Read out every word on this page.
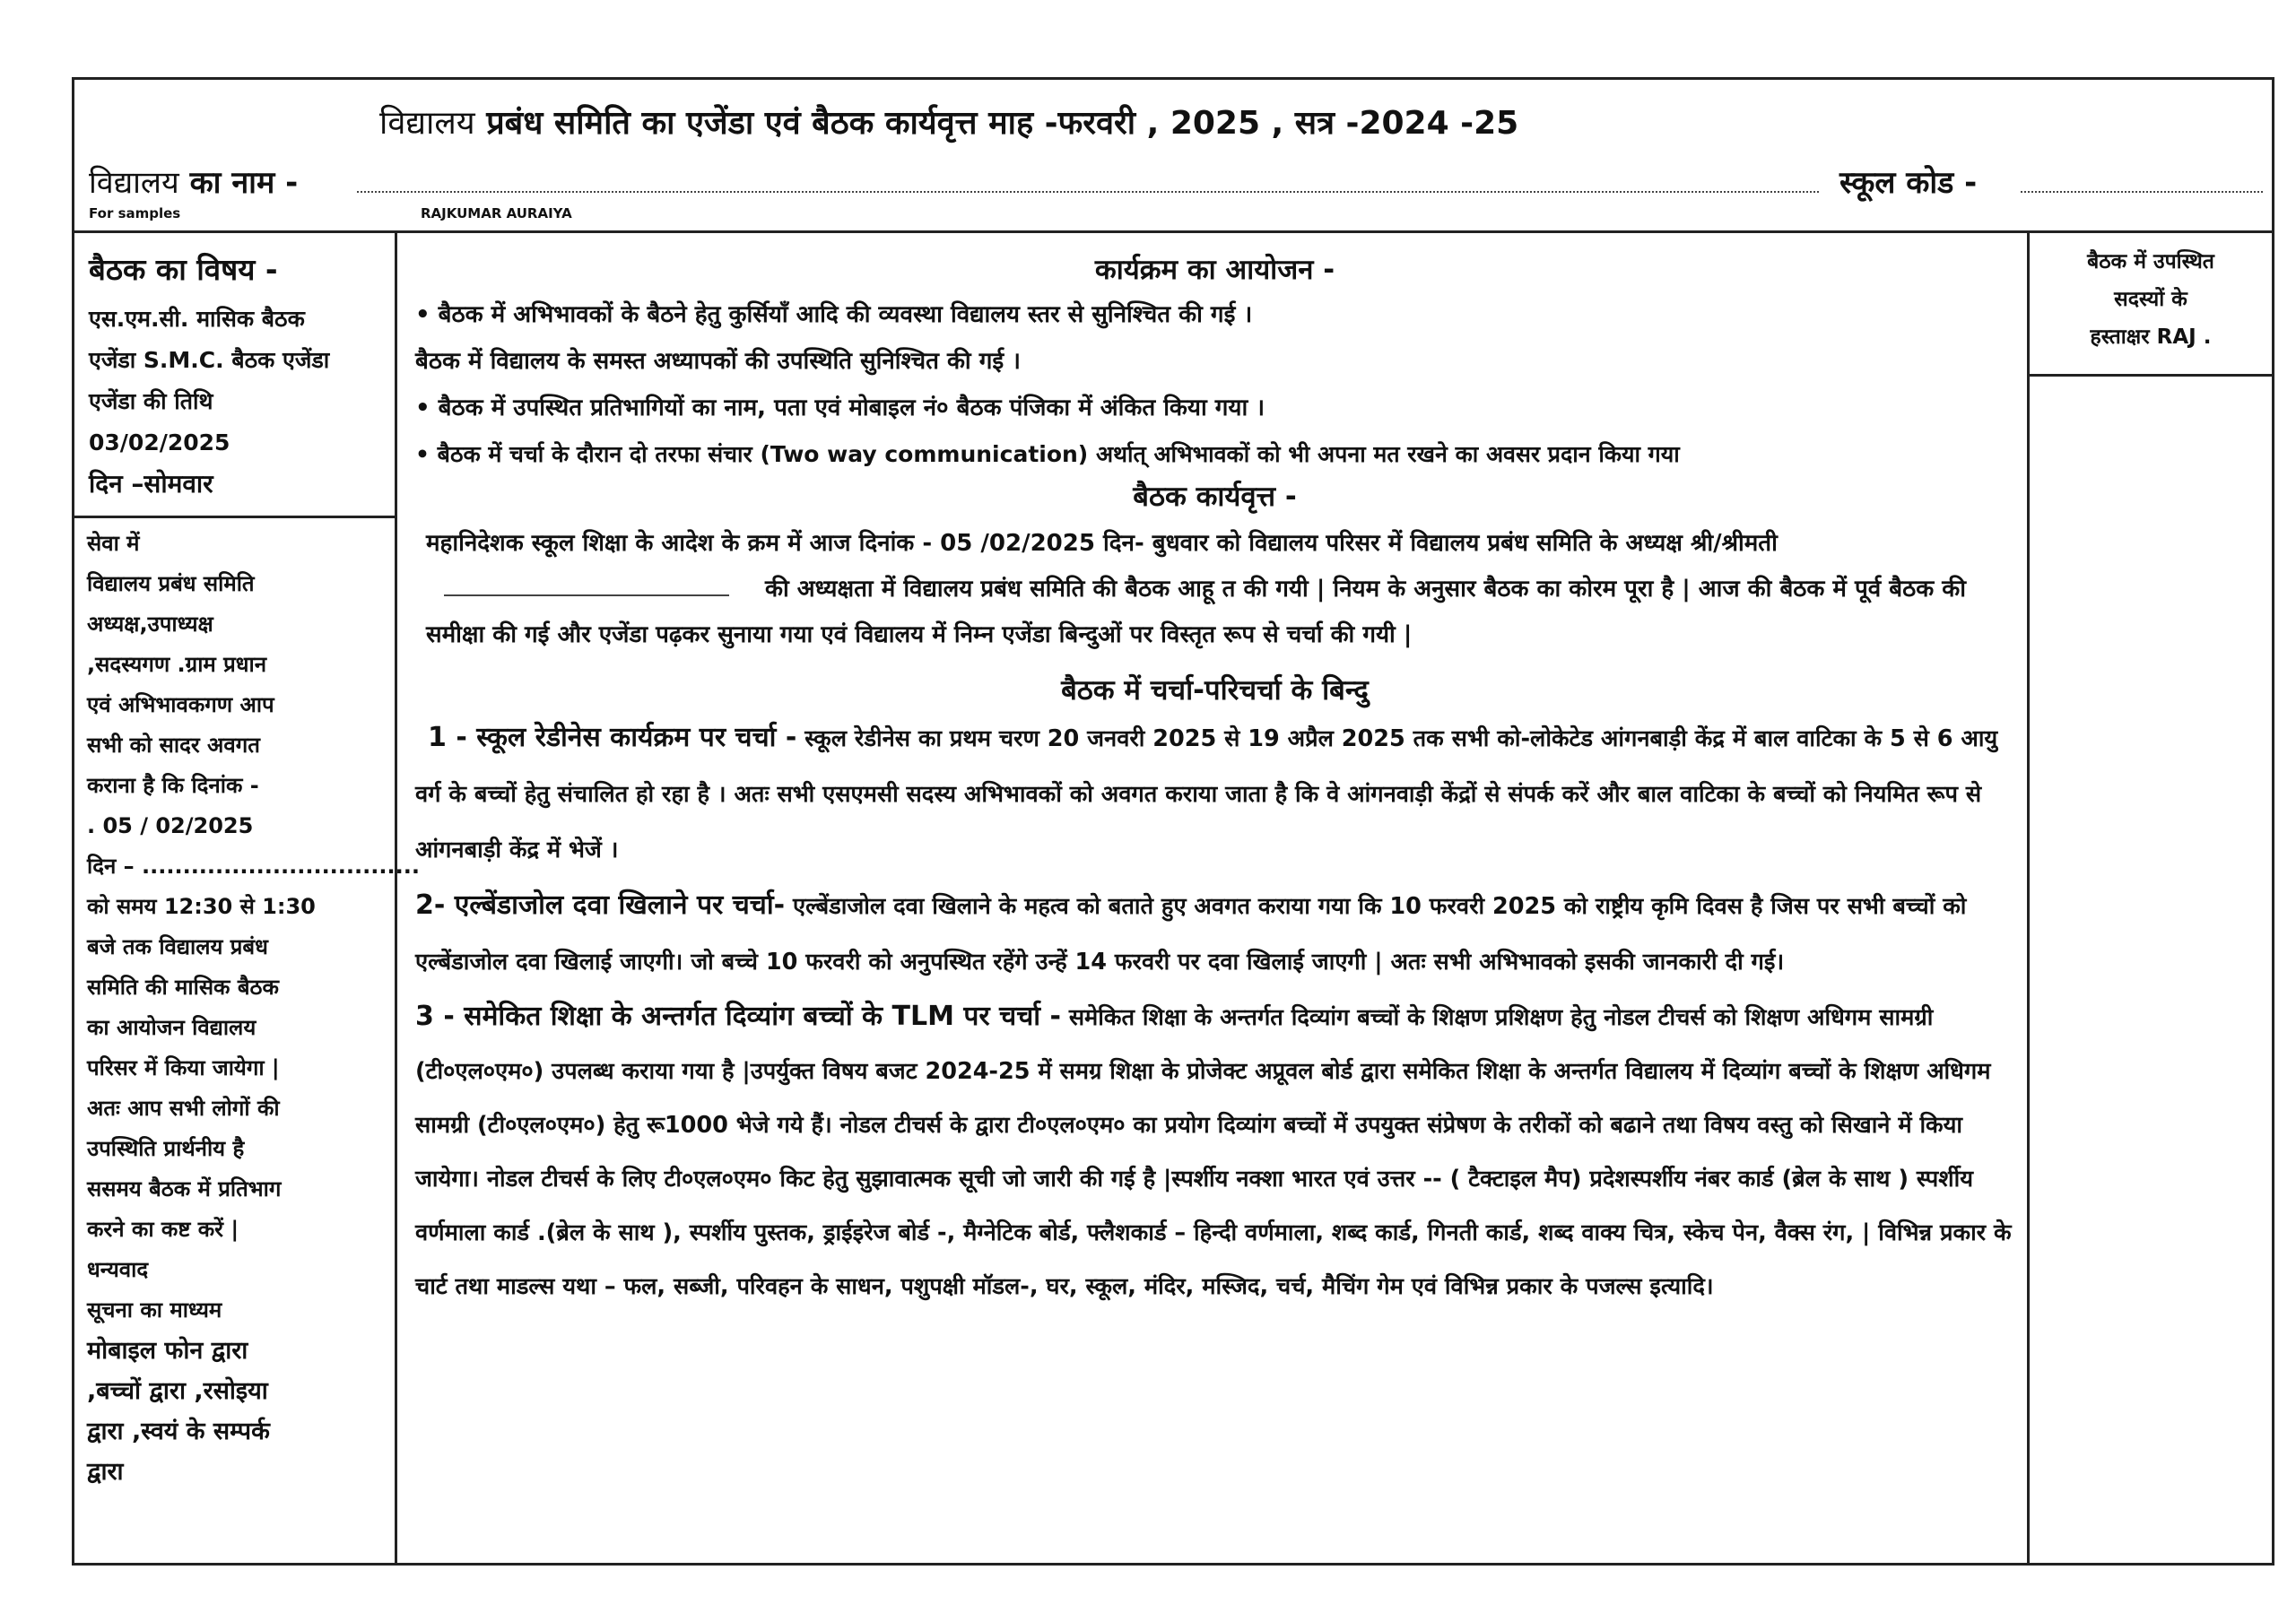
विद्यालय प्रबंध समिति का एजेंडा एवं बैठक कार्यवृत्त माह -फरवरी , 2025 , सत्र -2024 -25
विद्यालय का नाम -	स्कूल कोड -
For samples	RAJKUMAR AURAIYA
बैठक का विषय -
एस.एम.सी. मासिक बैठक
एजेंडा S.M.C. बैठक एजेंडा
एजेंडा की तिथि
03/02/2025
दिन –सोमवार
सेवा में
विद्यालय प्रबंध समिति
अध्यक्ष,उपाध्यक्ष
,सदस्यगण .ग्राम प्रधान
एवं अभिभावकगण आप
सभी को सादर अवगत
कराना है कि दिनांक -
. 05 / 02/2025
दिन – ..................................
को समय 12:30 से 1:30
बजे तक विद्यालय प्रबंध
समिति की मासिक बैठक
का आयोजन विद्यालय
परिसर में किया जायेगा |
अतः आप सभी लोगों की
उपस्थिति प्रार्थनीय है
ससमय बैठक में प्रतिभाग
करने का कष्ट करें |
धन्यवाद
सूचना का माध्यम
मोबाइल फोन द्वारा
,बच्चों द्वारा ,रसोइया
द्वारा ,स्वयं के सम्पर्क
द्वारा
कार्यक्रम का आयोजन -
• बैठक में अभिभावकों के बैठने हेतु कुर्सियाँ आदि की व्यवस्था विद्यालय स्तर से सुनिश्चित की गई ।
बैठक में विद्यालय के समस्त अध्यापकों की उपस्थिति सुनिश्चित की गई ।
• बैठक में उपस्थित प्रतिभागियों का नाम, पता एवं मोबाइल नं० बैठक पंजिका में अंकित किया गया ।
• बैठक में चर्चा के दौरान दो तरफा संचार (Two way communication) अर्थात् अभिभावकों को भी अपना मत रखने का अवसर प्रदान किया गया
बैठक कार्यवृत्त -
महानिदेशक स्कूल शिक्षा के आदेश के क्रम में आज दिनांक - 05 /02/2025 दिन- बुधवार को विद्यालय परिसर में विद्यालय प्रबंध समिति के अध्यक्ष श्री/श्रीमतीकी अध्यक्षता में विद्यालय प्रबंध समिति की बैठक आहू त की गयी | नियम के अनुसार बैठक का कोरम पूरा है | आज की बैठक में पूर्व बैठक की समीक्षा की गई और एजेंडा पढ़कर सुनाया गया एवं विद्यालय में निम्न एजेंडा बिन्दुओं पर विस्तृत रूप से चर्चा की गयी |
बैठक में चर्चा-परिचर्चा के बिन्दु
1 - स्कूल रेडीनेस कार्यक्रम पर चर्चा - स्कूल रेडीनेस का प्रथम चरण 20 जनवरी 2025 से 19 अप्रैल 2025 तक सभी को-लोकेटेड आंगनबाड़ी केंद्र में बाल वाटिका के 5 से 6 आयु वर्ग के बच्चों हेतु संचालित हो रहा है । अतः सभी एसएमसी सदस्य अभिभावकों को अवगत कराया जाता है कि वे आंगनवाड़ी केंद्रों से संपर्क करें और बाल वाटिका के बच्चों को नियमित रूप से आंगनबाड़ी केंद्र में भेजें ।
2- एल्बेंडाजोल दवा खिलाने पर चर्चा- एल्बेंडाजोल दवा खिलाने के महत्व को बताते हुए अवगत कराया गया कि 10 फरवरी 2025 को राष्ट्रीय कृमि दिवस है जिस पर सभी बच्चों को एल्बेंडाजोल दवा खिलाई जाएगी। जो बच्चे 10 फरवरी को अनुपस्थित रहेंगे उन्हें 14 फरवरी पर दवा खिलाई जाएगी | अतः सभी अभिभावको इसकी जानकारी दी गई।
3 - समेकित शिक्षा के अन्तर्गत दिव्यांग बच्चों के TLM पर चर्चा - समेकित शिक्षा के अन्तर्गत दिव्यांग बच्चों के शिक्षण प्रशिक्षण हेतु नोडल टीचर्स को शिक्षण अधिगम सामग्री (टी०एल०एम०) उपलब्ध कराया गया है |उपर्युक्त विषय बजट 2024-25 में समग्र शिक्षा के प्रोजेक्ट अप्रूवल बोर्ड द्वारा समेकित शिक्षा के अन्तर्गत विद्यालय में दिव्यांग बच्चों के शिक्षण अधिगम सामग्री (टी०एल०एम०) हेतु रू1000 भेजे गये हैं। नोडल टीचर्स के द्वारा टी०एल०एम० का प्रयोग दिव्यांग बच्चों में उपयुक्त संप्रेषण के तरीकों को बढाने तथा विषय वस्तु को सिखाने में किया जायेगा। नोडल टीचर्स के लिए टी०एल०एम० किट हेतु सुझावात्मक सूची जो जारी की गई है |स्पर्शीय नक्शा भारत एवं उत्तर -- ( टैक्टाइल मैप) प्रदेशस्पर्शीय नंबर कार्ड (ब्रेल के साथ ) स्पर्शीय वर्णमाला कार्ड .(ब्रेल के साथ ), स्पर्शीय पुस्तक, ड्राईइरेज बोर्ड -, मैग्नेटिक बोर्ड, फ्लैशकार्ड – हिन्दी वर्णमाला, शब्द कार्ड, गिनती कार्ड, शब्द वाक्य चित्र, स्केच पेन, वैक्स रंग, | विभिन्न प्रकार के चार्ट तथा माडल्स यथा – फल, सब्जी, परिवहन के साधन, पशुपक्षी मॉडल-, घर, स्कूल, मंदिर, मस्जिद, चर्च, मैचिंग गेम एवं विभिन्न प्रकार के पजल्स इत्यादि।
बैठक में उपस्थित
सदस्यों के
हस्ताक्षर RAJ .
